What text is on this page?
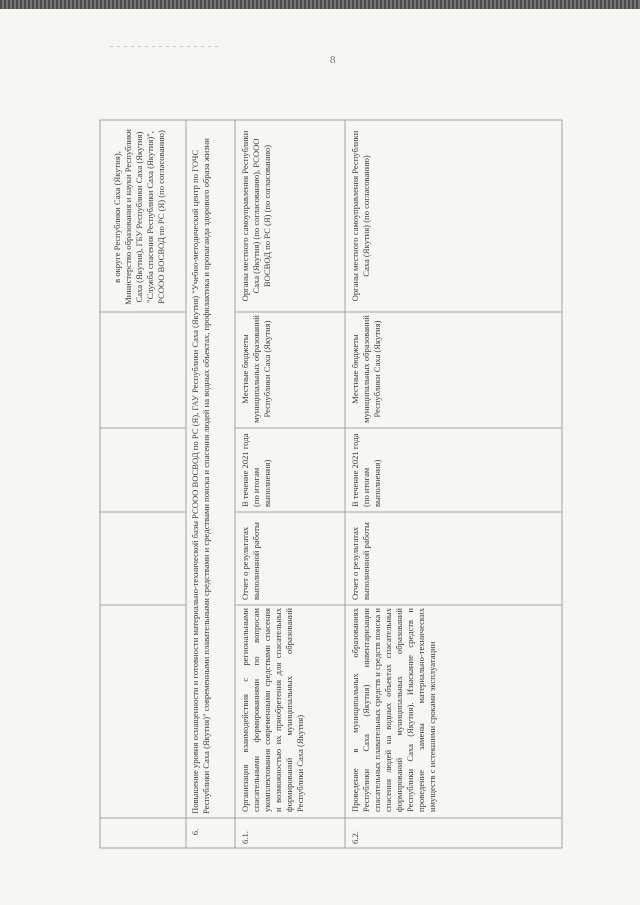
8
в округе Республики Саха (Якутия), Министерство образования и науки Республики Саха (Якутия), ГБУ Республики Саха (Якутия) "Служба спасения Республики Саха (Якутия)", РСООО ВОСВОД по РС (Я) (по согласованию)
6.
Повышение уровня оснащенности и готовности материально-технической базы РСООО ВОСВОД по РС (Я), ГАУ Республики Саха (Якутия) "Учебно-методический центр по ГОЧС Республики Саха (Якутия)" современными плавательными средствами и средствами поиска и спасения людей на водных объектах, профилактика и пропаганда здорового образа жизни
6.1.
Организация взаимодействия с региональными спасательными формированиями по вопросам укомплектования современными средствами спасения и возможностью их приобретения для спасательных формирований муниципальных образований Республики Саха (Якутия)
Отчет о результатах выполненной работы
В течение 2021 года (по итогам выполнения)
Местные бюджеты муниципальных образований Республики Саха (Якутия)
Органы местного самоуправления Республики Саха (Якутия) (по согласованию), РСООО ВОСВОД по РС (Я) (по согласованию)
6.2.
Проведение в муниципальных образованиях Республики Саха (Якутия) инвентаризации спасательных плавательных средств и средств поиска и спасения людей на водных объектах спасательных формирований муниципальных образований Республики Саха (Якутия). Изыскание средств и проведение замены материально-технических имуществ с истекшими сроками эксплуатации
Отчет о результатах выполненной работы
В течение 2021 года (по итогам выполнения)
Местные бюджеты муниципальных образований Республики Саха (Якутия)
Органы местного самоуправления Республики Саха (Якутия) (по согласованию)
